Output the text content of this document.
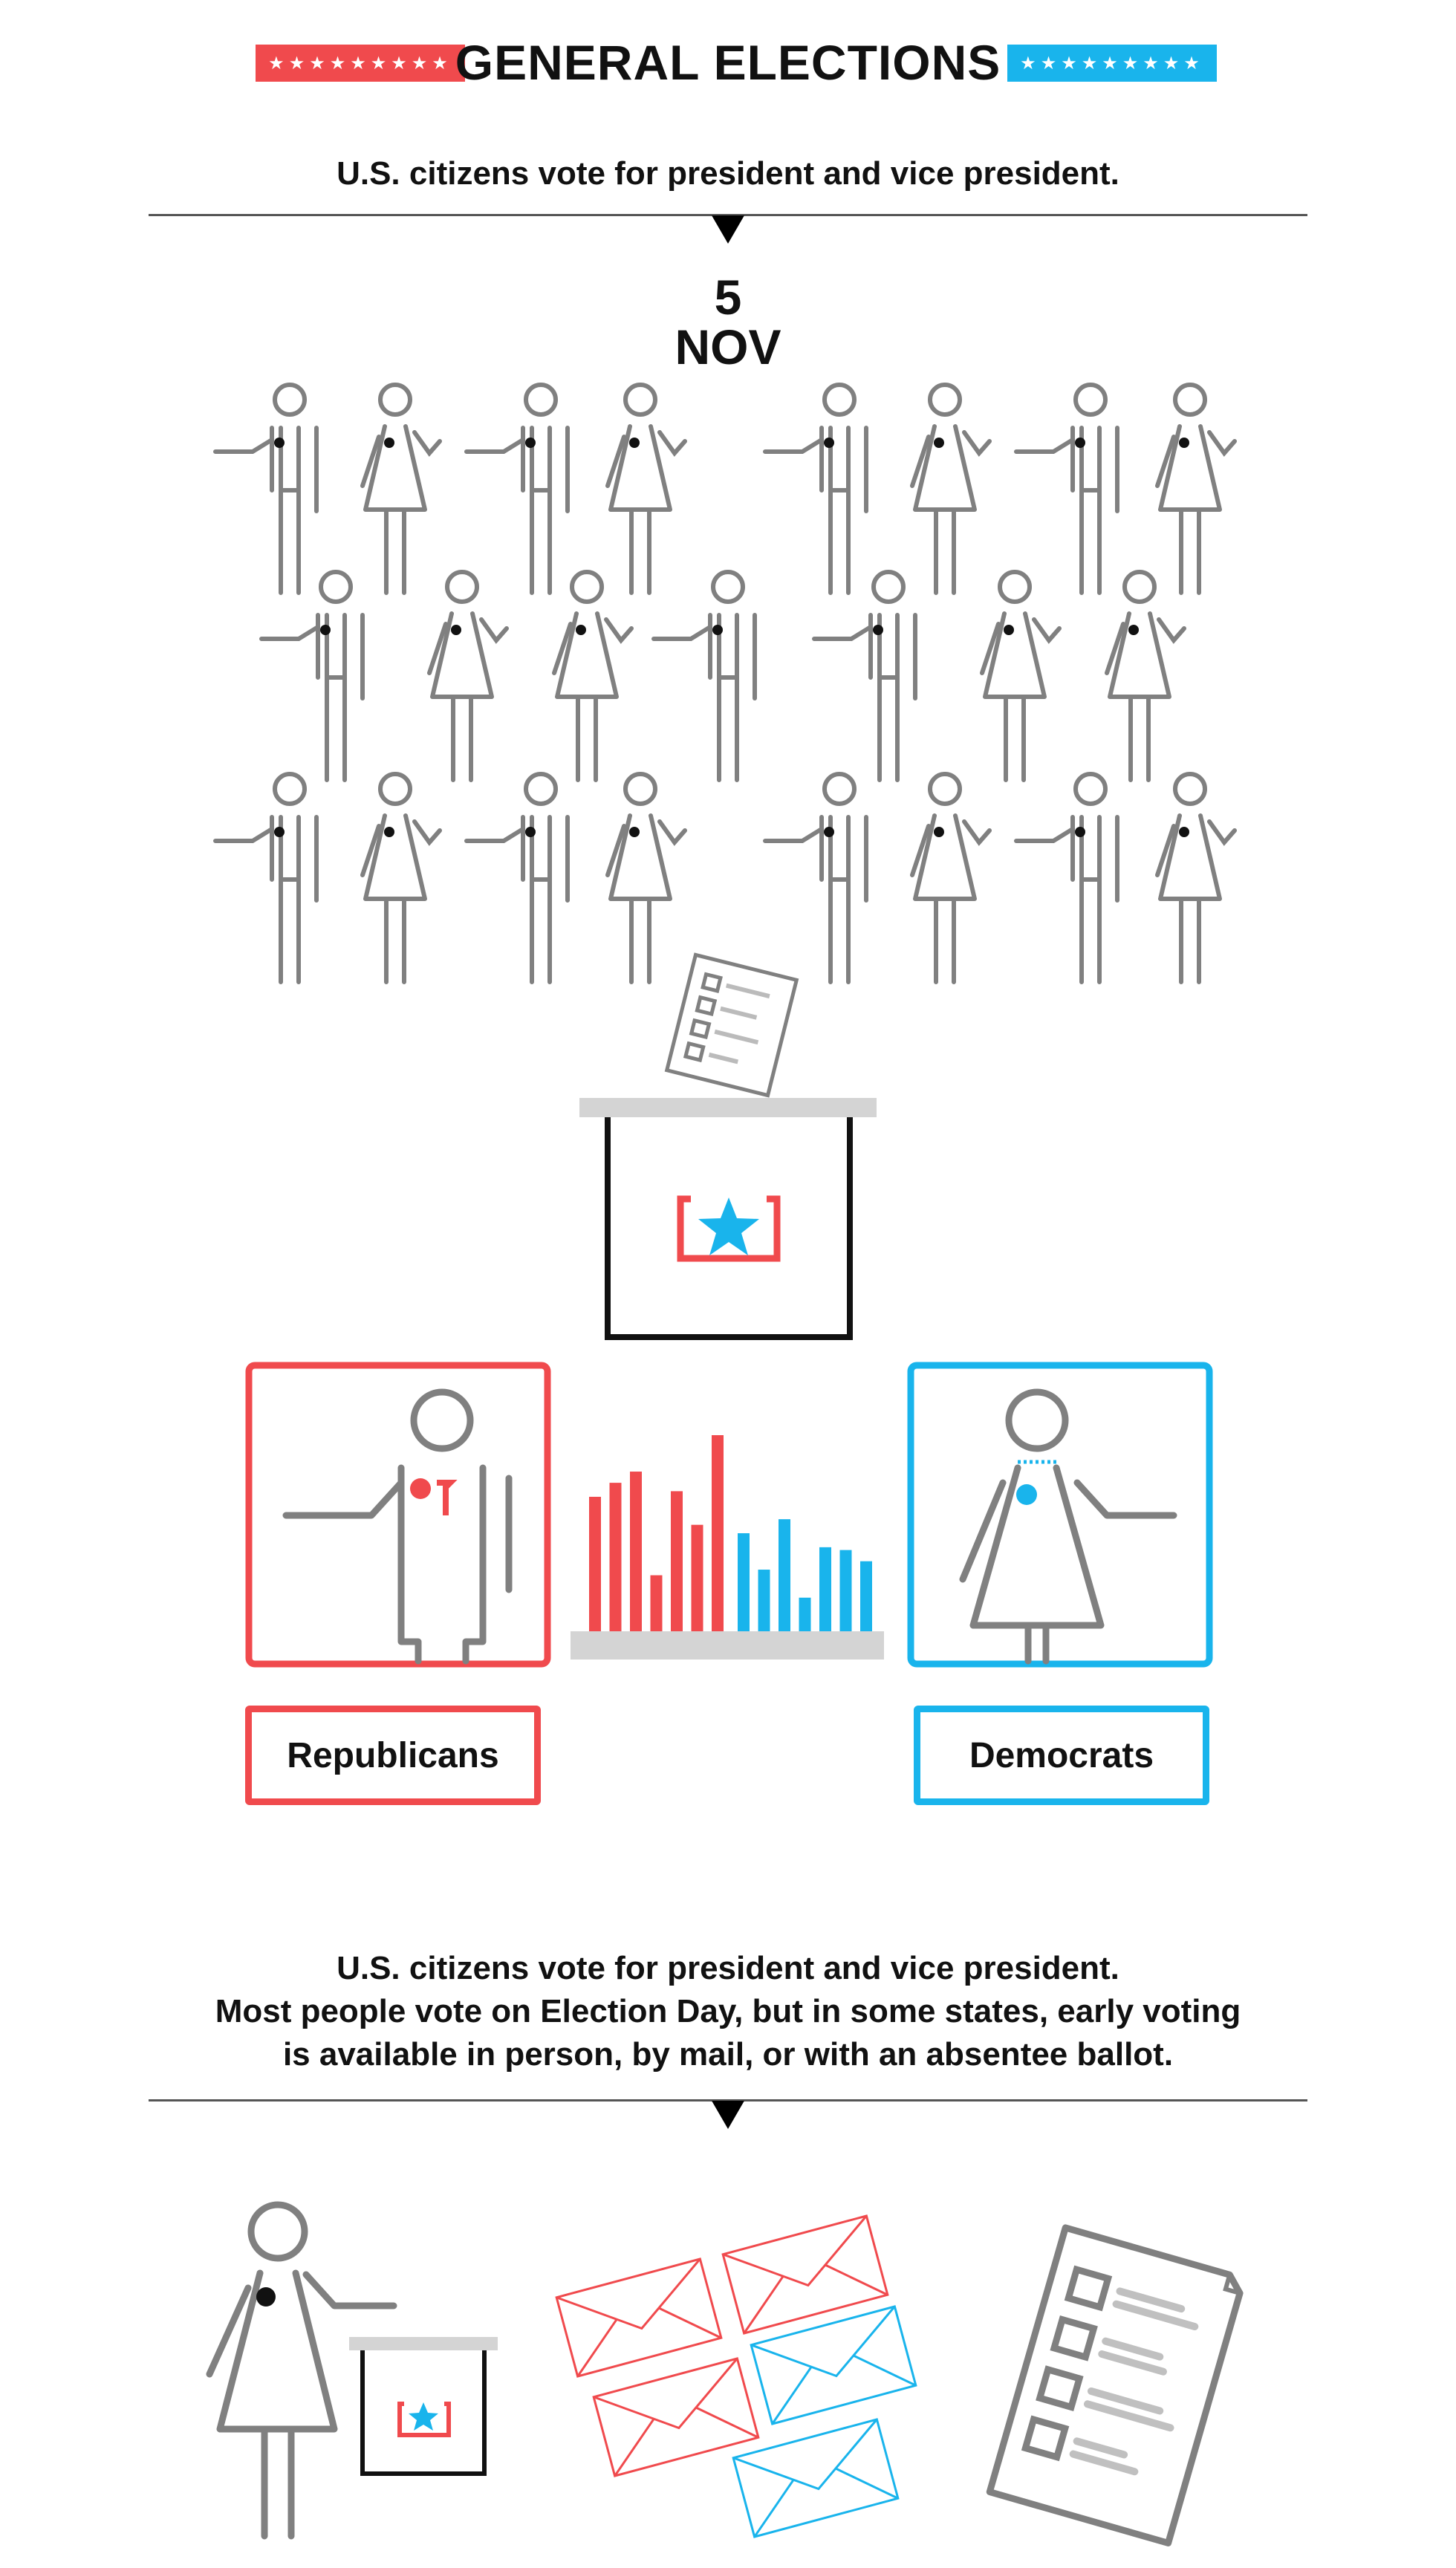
★★★★★★★★★	★★★★★★★★★
GENERAL ELECTIONS
U.S. citizens vote for president and vice president.
5
NOV
Republicans	Democrats
U.S. citizens vote for president and vice president.
Most people vote on Election Day, but in some states, early voting
is available in person, by mail, or with an absentee ballot.
